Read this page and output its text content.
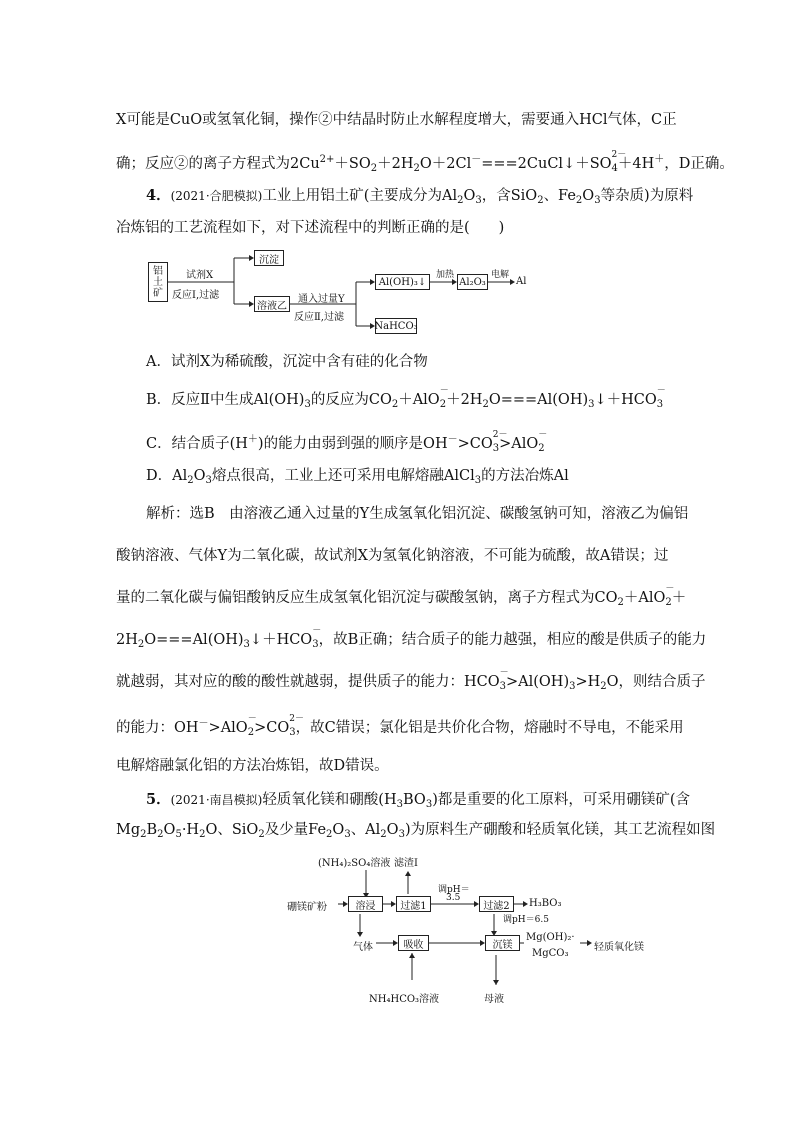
X可能是CuO或氢氧化铜，操作②中结晶时防止水解程度增大，需要通入HCl气体，C正
确；反应②的离子方程式为$2Cu^{2+}+SO_2+2H_2O+2Cl^-===2CuCl↓+SO$
2－
$_4$＋4H＋，D正确。
4．(2021·合肥模拟)工业上用铝土矿(主要成分为$Al_2O_3$，含SiO$_2$、$Fe_2O_3$等杂质)为原料
冶炼铝的工艺流程如下，对下述流程中的判断正确的是(　　)
铝
土
矿
试剂X
反应Ⅰ,过滤
沉淀
溶液乙
通入过量Y
反应Ⅱ,过滤
Al(OH)₃↓
加热
Al₂O₃
电解
Al
NaHCO₃
A．试剂X为稀硫酸，沉淀中含有硅的化合物
B．反应Ⅱ中生成$Al(OH)_3$的反应为$CO_2+AlO$
－
$_2+2H_2O===Al(OH)_3↓+HCO$
－
$_3$
C．结合质子(H＋)的能力由弱到强的顺序是OH－>CO
2－
$_3$>AlO
－
$_2$
D．$Al_2O_3$熔点很高，工业上还可采用电解熔融AlCl$_3$的方法冶炼Al
解析：选B　由溶液乙通入过量的Y生成氢氧化铝沉淀、碳酸氢钠可知，溶液乙为偏铝
酸钠溶液、气体Y为二氧化碳，故试剂X为氢氧化钠溶液，不可能为硫酸，故A错误；过
量的二氧化碳与偏铝酸钠反应生成氢氧化铝沉淀与碳酸氢钠，离子方程式为$CO_2+AlO$
－
$_2$＋
$2H_2O===Al(OH)_3↓+HCO$
－
$_3$，故B正确；结合质子的能力越强，相应的酸是供质子的能力
就越弱，其对应的酸的酸性就越弱，提供质子的能力：HCO
－
$_3>Al(OH)_3>H_2O$，则结合质子
的能力：OH－>AlO
－
$_2$>CO
2－
$_3$，故C错误；氯化铝是共价化合物，熔融时不导电，不能采用
电解熔融氯化铝的方法冶炼铝，故D错误。
5．(2021·南昌模拟)轻质氧化镁和硼酸$(H_3BO_3)$都是重要的化工原料，可采用硼镁矿(含
$Mg_2B_2O_5\cdot H_2O$、SiO$_2$及少量$Fe_2O_3$、$Al_2O_3$)为原料生产硼酸和轻质氧化镁，其工艺流程如图
(NH₄)₂SO₄溶液 滤渣Ⅰ
硼镁矿粉	溶浸	过滤1
调pH＝
3.5
过滤2	H₃BO₃
调pH＝6.5
气体	吸收	沉镁
Mg(OH)₂·
MgCO₃
轻质氧化镁
NH₄HCO₃溶液	母液
